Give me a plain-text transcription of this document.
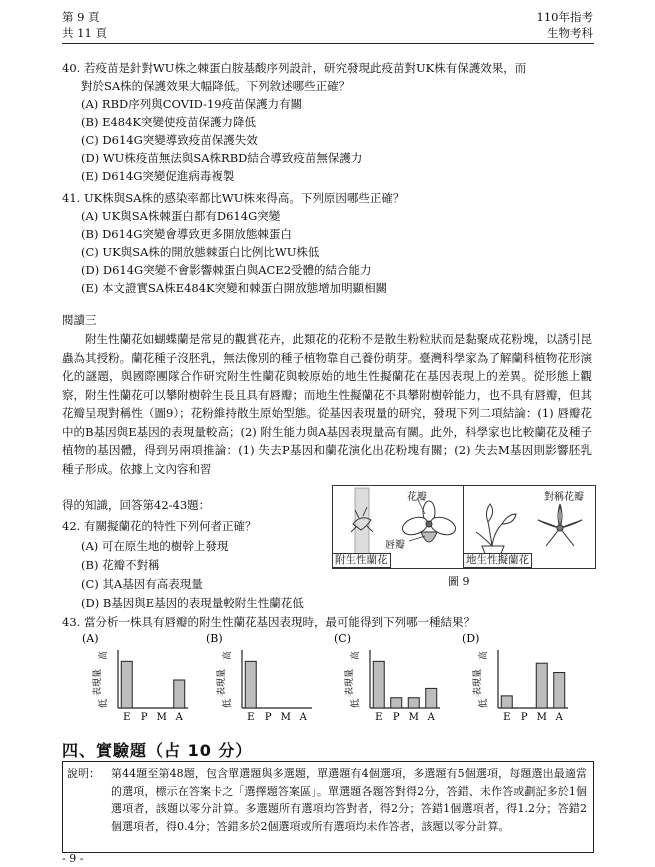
第 9 頁
共 11 頁
110年指考
生物考科
40. 若疫苗是針對WU株之棘蛋白胺基酸序列設計，研究發現此疫苗對UK株有保護效果，而
對於SA株的保護效果大幅降低。下列敘述哪些正確？
(A) RBD序列與COVID-19疫苗保護力有關
(B) E484K突變使疫苗保護力降低
(C) D614G突變導致疫苗保護失效
(D) WU株疫苗無法與SA株RBD結合導致疫苗無保護力
(E) D614G突變促進病毒複製
41. UK株與SA株的感染率都比WU株來得高。下列原因哪些正確？
(A) UK與SA株棘蛋白都有D614G突變
(B) D614G突變會導致更多開放態棘蛋白
(C) UK與SA株的開放態棘蛋白比例比WU株低
(D) D614G突變不會影響棘蛋白與ACE2受體的結合能力
(E) 本文證實SA株E484K突變和棘蛋白開放態增加明顯相關
閱讀三

附生性蘭花如蝴蝶蘭是常見的觀賞花卉，此類花的花粉不是散生粉粒狀而是黏聚成花粉塊，以誘引昆蟲為其授粉。蘭花種子沒胚乳，無法像別的種子植物靠自己養份萌芽。臺灣科學家為了解蘭科植物花形演化的謎題，與國際團隊合作研究附生性蘭花與較原始的地生性擬蘭花在基因表現上的差異。從形態上觀察，附生性蘭花可以攀附樹幹生長且具有唇瓣；而地生性擬蘭花不具攀附樹幹能力，也不具有唇瓣，但其花瓣呈現對稱性（圖9）；花粉維持散生原始型態。從基因表現量的研究，發現下列二項結論：(1) 唇瓣花中的B基因與E基因的表現量較高；(2) 附生能力與A基因表現量高有關。此外，科學家也比較蘭花及種子植物的基因體，得到另兩項推論：(1) 失去P基因和蘭花演化出花粉塊有關；(2) 失去M基因則影響胚乳種子形成。依據上文內容和習

得的知識，回答第42-43題：
花瓣
唇瓣
附生性蘭花
對稱花瓣
地生性擬蘭花
圖 9
42. 有關擬蘭花的特性下列何者正確？
(A) 可在原生地的樹幹上發現
(B) 花瓣不對稱
(C) 其A基因有高表現量
(D) B基因與E基因的表現量較附生性蘭花低
43. 當分析一株具有唇瓣的附生性蘭花基因表現時，最可能得到下列哪一種結果？
(A)
高
表現量
低
E P M A
(B)
高
表現量
低
E P M A
(C)
高
表現量
低
E P M A
(D)
高
表現量
低
E P M A
四、實驗題（占 10 分）
說明： 第44題至第48題，包含單選題與多選題，單選題有4個選項，多選題有5個選項，每題選出最適當的選項，標示在答案卡之「選擇題答案區」。單選題各題答對得2分，答錯、未作答或劃記多於1個選項者，該題以零分計算。多選題所有選項均答對者，得2分；答錯1個選項者，得1.2分；答錯2個選項者，得0.4分；答錯多於2個選項或所有選項均未作答者，該題以零分計算。
- 9 -
